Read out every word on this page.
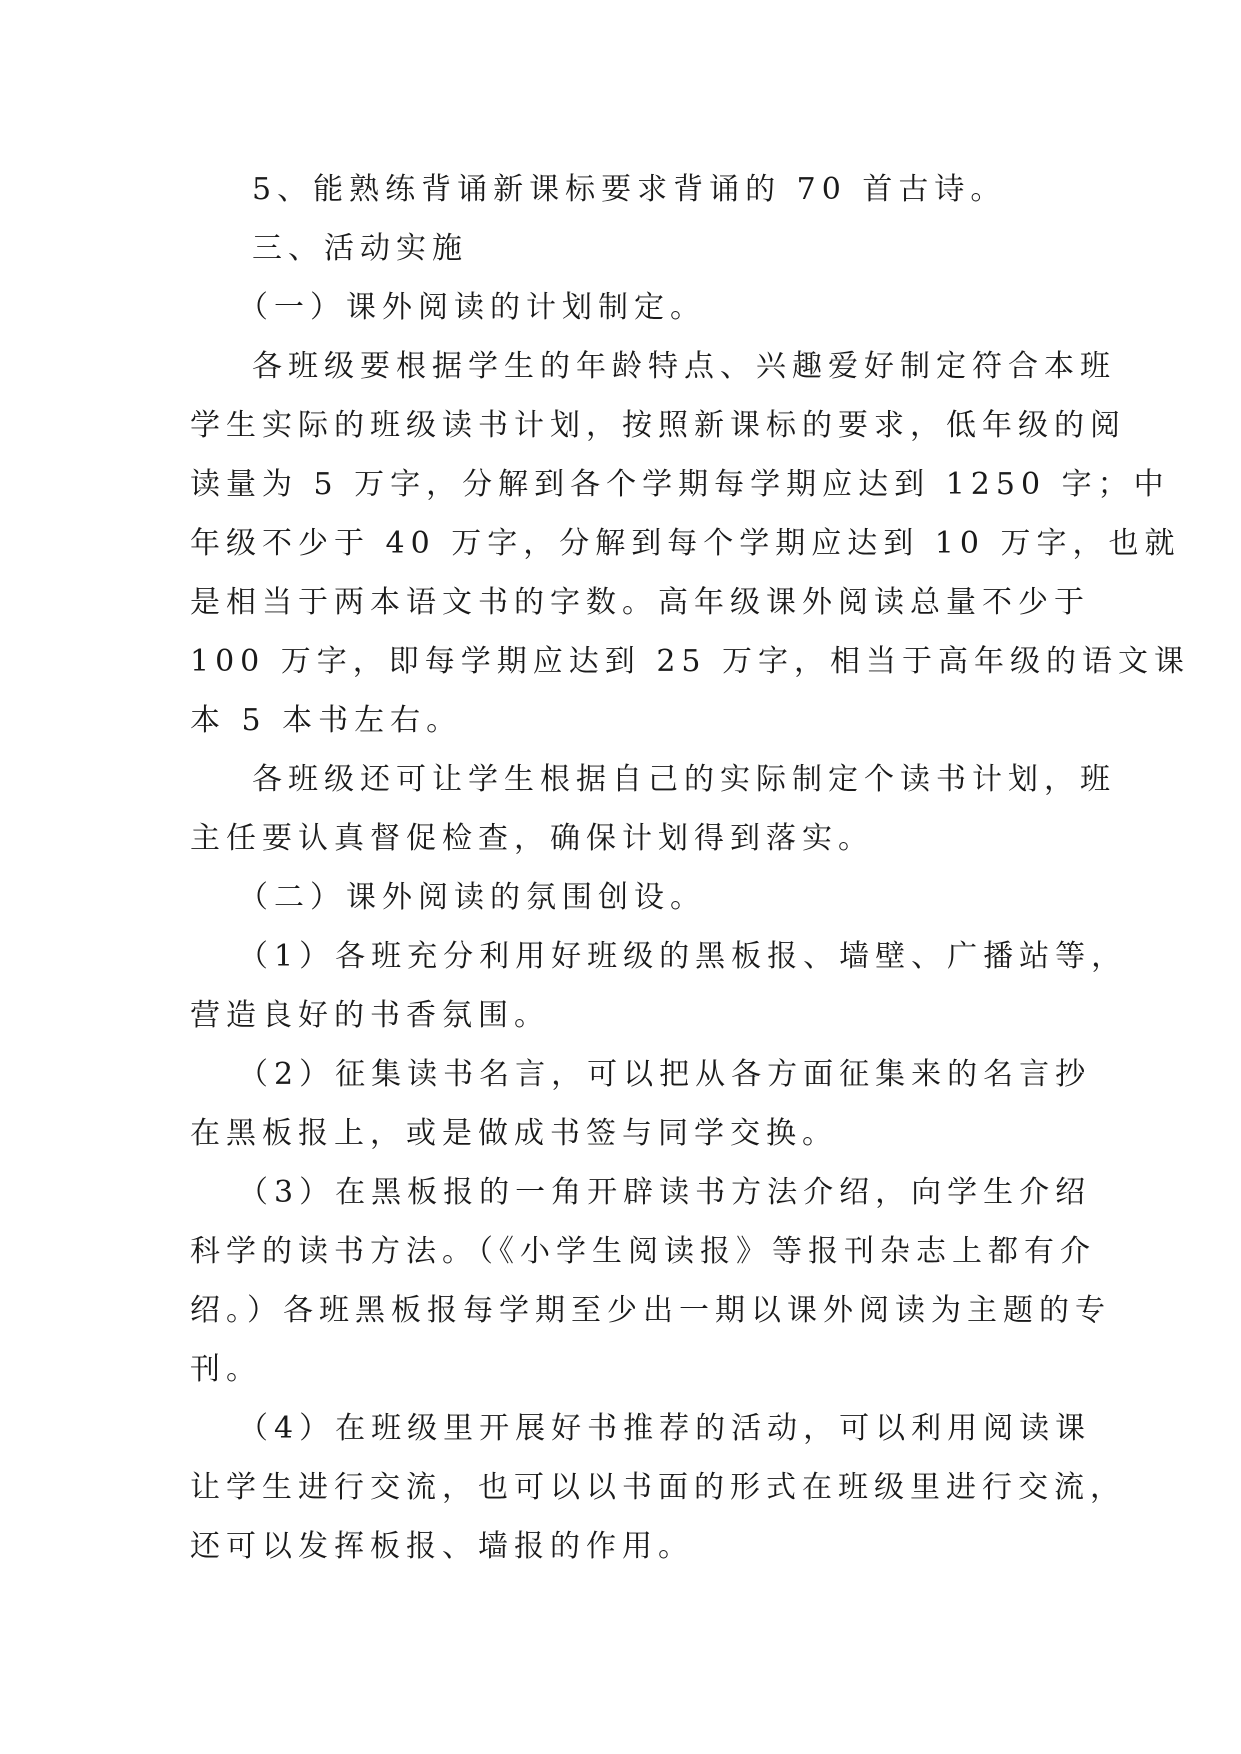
5、能熟练背诵新课标要求背诵的 70 首古诗。
三、活动实施
（一）课外阅读的计划制定。
各班级要根据学生的年龄特点、兴趣爱好制定符合本班
学生实际的班级读书计划，按照新课标的要求，低年级的阅
读量为 5 万字，分解到各个学期每学期应达到 1250 字；中
年级不少于 40 万字，分解到每个学期应达到 10 万字，也就
是相当于两本语文书的字数。高年级课外阅读总量不少于
100 万字，即每学期应达到 25 万字，相当于高年级的语文课
本 5 本书左右。
各班级还可让学生根据自己的实际制定个读书计划，班
主任要认真督促检查，确保计划得到落实。
（二）课外阅读的氛围创设。
（1）各班充分利用好班级的黑板报、墙壁、广播站等，
营造良好的书香氛围。
（2）征集读书名言，可以把从各方面征集来的名言抄
在黑板报上，或是做成书签与同学交换。
（3）在黑板报的一角开辟读书方法介绍，向学生介绍
科学的读书方法。（《小学生阅读报》等报刊杂志上都有介
绍。）各班黑板报每学期至少出一期以课外阅读为主题的专
刊。
（4）在班级里开展好书推荐的活动，可以利用阅读课
让学生进行交流，也可以以书面的形式在班级里进行交流，
还可以发挥板报、墙报的作用。
